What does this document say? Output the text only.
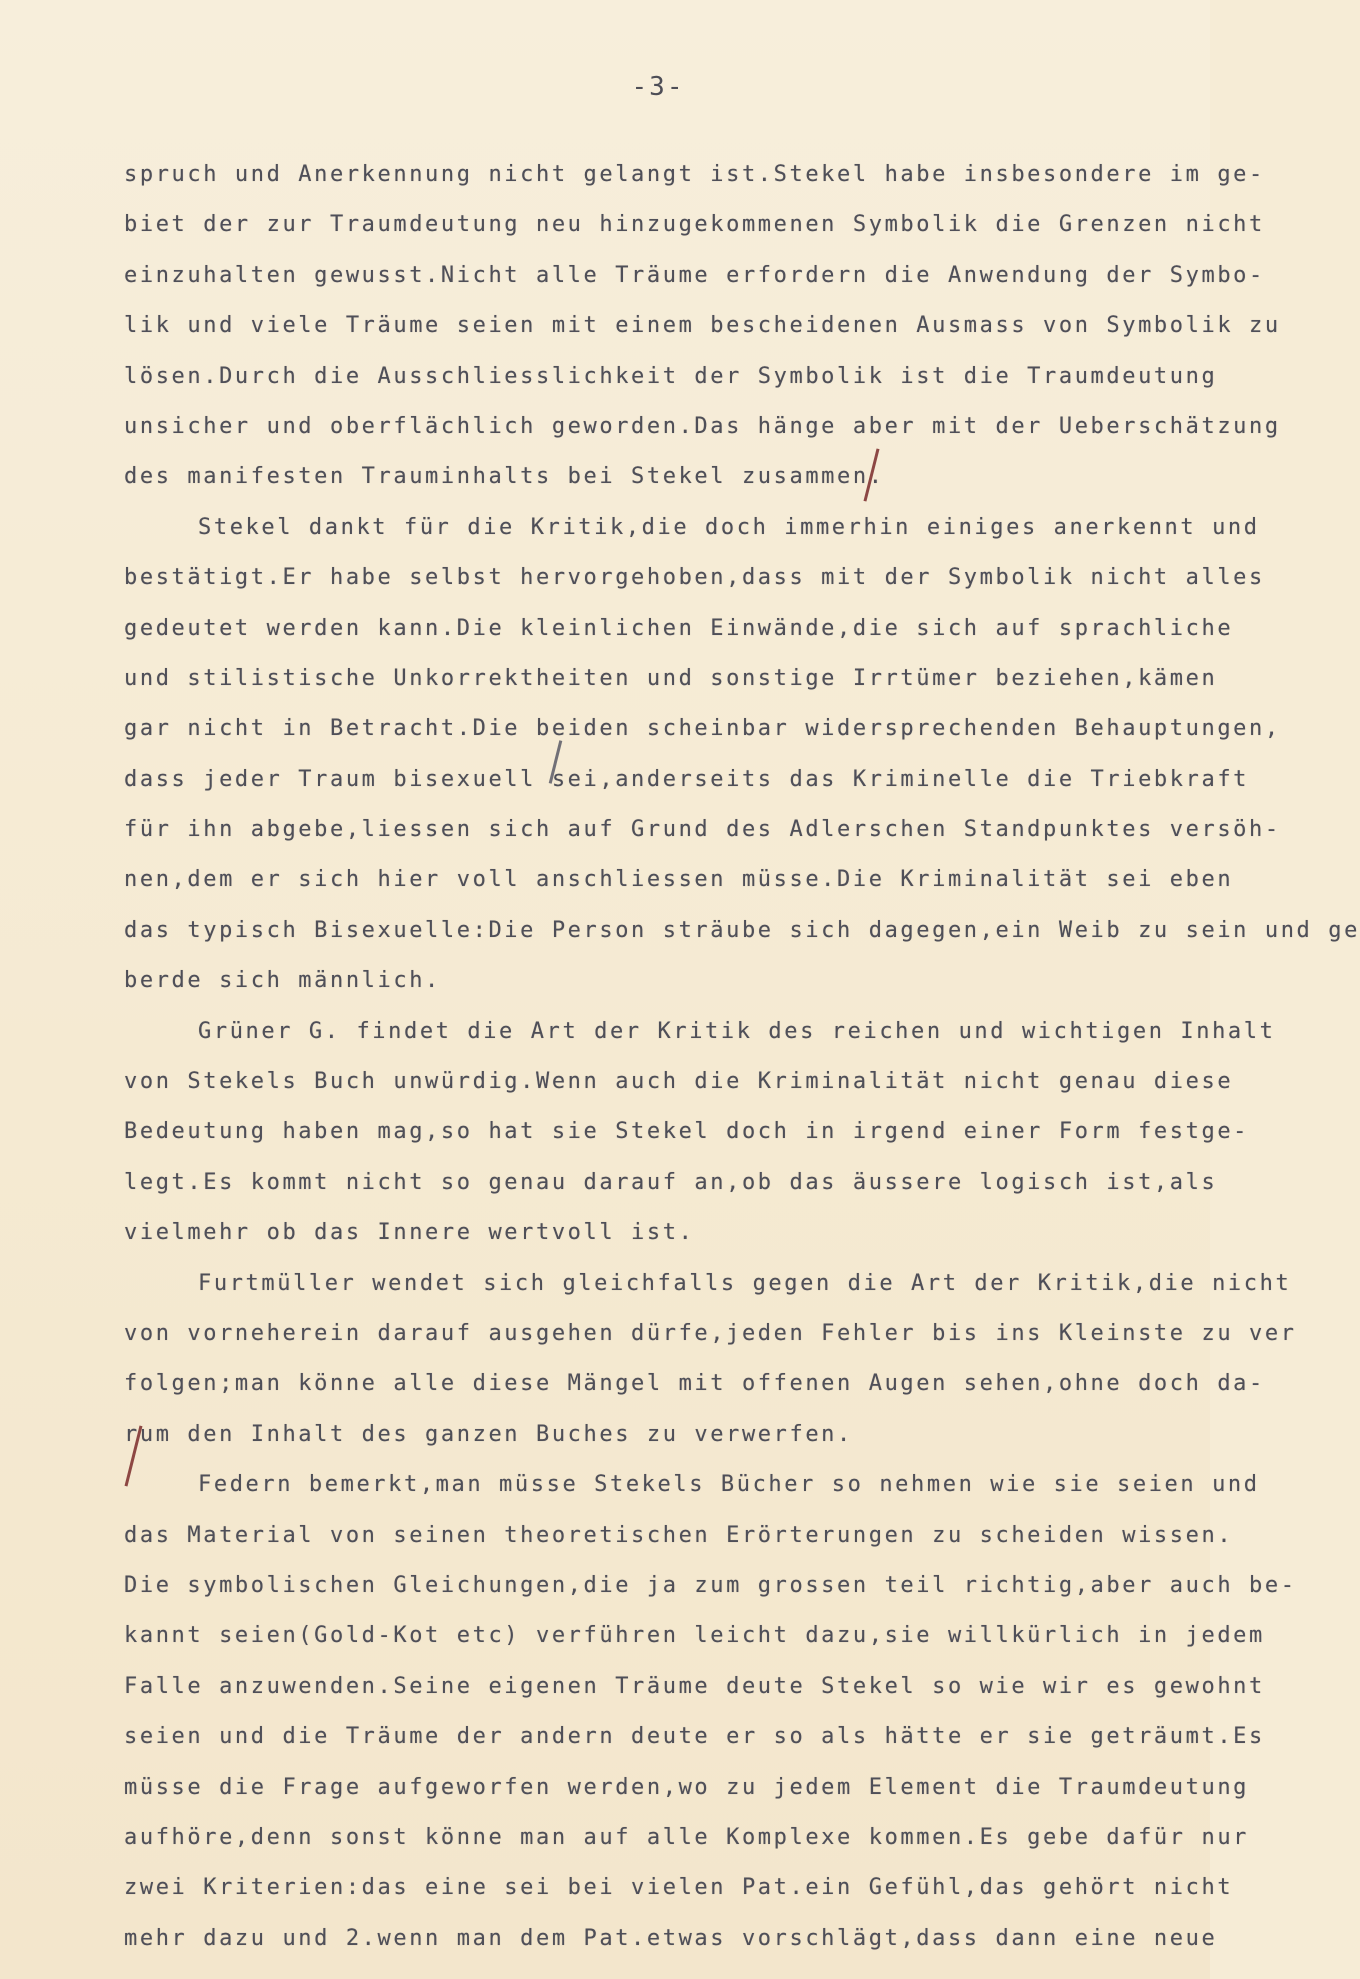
-3-
spruch und Anerkennung nicht gelangt ist.Stekel habe insbesondere im ge-
biet der zur Traumdeutung neu hinzugekommenen Symbolik die Grenzen nicht
einzuhalten gewusst.Nicht alle Träume erfordern die Anwendung der Symbo-
lik und viele Träume seien mit einem bescheidenen Ausmass von Symbolik zu
lösen.Durch die Ausschliesslichkeit der Symbolik ist die Traumdeutung
unsicher und oberflächlich geworden.Das hänge aber mit der Ueberschätzung
des manifesten Trauminhalts bei Stekel zusammen.
Stekel dankt für die Kritik,die doch immerhin einiges anerkennt und
bestätigt.Er habe selbst hervorgehoben,dass mit der Symbolik nicht alles
gedeutet werden kann.Die kleinlichen Einwände,die sich auf sprachliche
und stilistische Unkorrektheiten und sonstige Irrtümer beziehen,kämen
gar nicht in Betracht.Die beiden scheinbar widersprechenden Behauptungen,
dass jeder Traum bisexuell sei,anderseits das Kriminelle die Triebkraft
für ihn abgebe,liessen sich auf Grund des Adlerschen Standpunktes versöh-
nen,dem er sich hier voll anschliessen müsse.Die Kriminalität sei eben
das typisch Bisexuelle:Die Person sträube sich dagegen,ein Weib zu sein und ge
berde sich männlich.
Grüner G. findet die Art der Kritik des reichen und wichtigen Inhalt
von Stekels Buch unwürdig.Wenn auch die Kriminalität nicht genau diese
Bedeutung haben mag,so hat sie Stekel doch in irgend einer Form festge-
legt.Es kommt nicht so genau darauf an,ob das äussere logisch ist,als
vielmehr ob das Innere wertvoll ist.
Furtmüller wendet sich gleichfalls gegen die Art der Kritik,die nicht
von vorneherein darauf ausgehen dürfe,jeden Fehler bis ins Kleinste zu ver
folgen;man könne alle diese Mängel mit offenen Augen sehen,ohne doch da-
rum den Inhalt des ganzen Buches zu verwerfen.
Federn bemerkt,man müsse Stekels Bücher so nehmen wie sie seien und
das Material von seinen theoretischen Erörterungen zu scheiden wissen.
Die symbolischen Gleichungen,die ja zum grossen teil richtig,aber auch be-
kannt seien(Gold-Kot etc) verführen leicht dazu,sie willkürlich in jedem
Falle anzuwenden.Seine eigenen Träume deute Stekel so wie wir es gewohnt
seien und die Träume der andern deute er so als hätte er sie geträumt.Es
müsse die Frage aufgeworfen werden,wo zu jedem Element die Traumdeutung
aufhöre,denn sonst könne man auf alle Komplexe kommen.Es gebe dafür nur
zwei Kriterien:das eine sei bei vielen Pat.ein Gefühl,das gehört nicht
mehr dazu und 2.wenn man dem Pat.etwas vorschlägt,dass dann eine neue
